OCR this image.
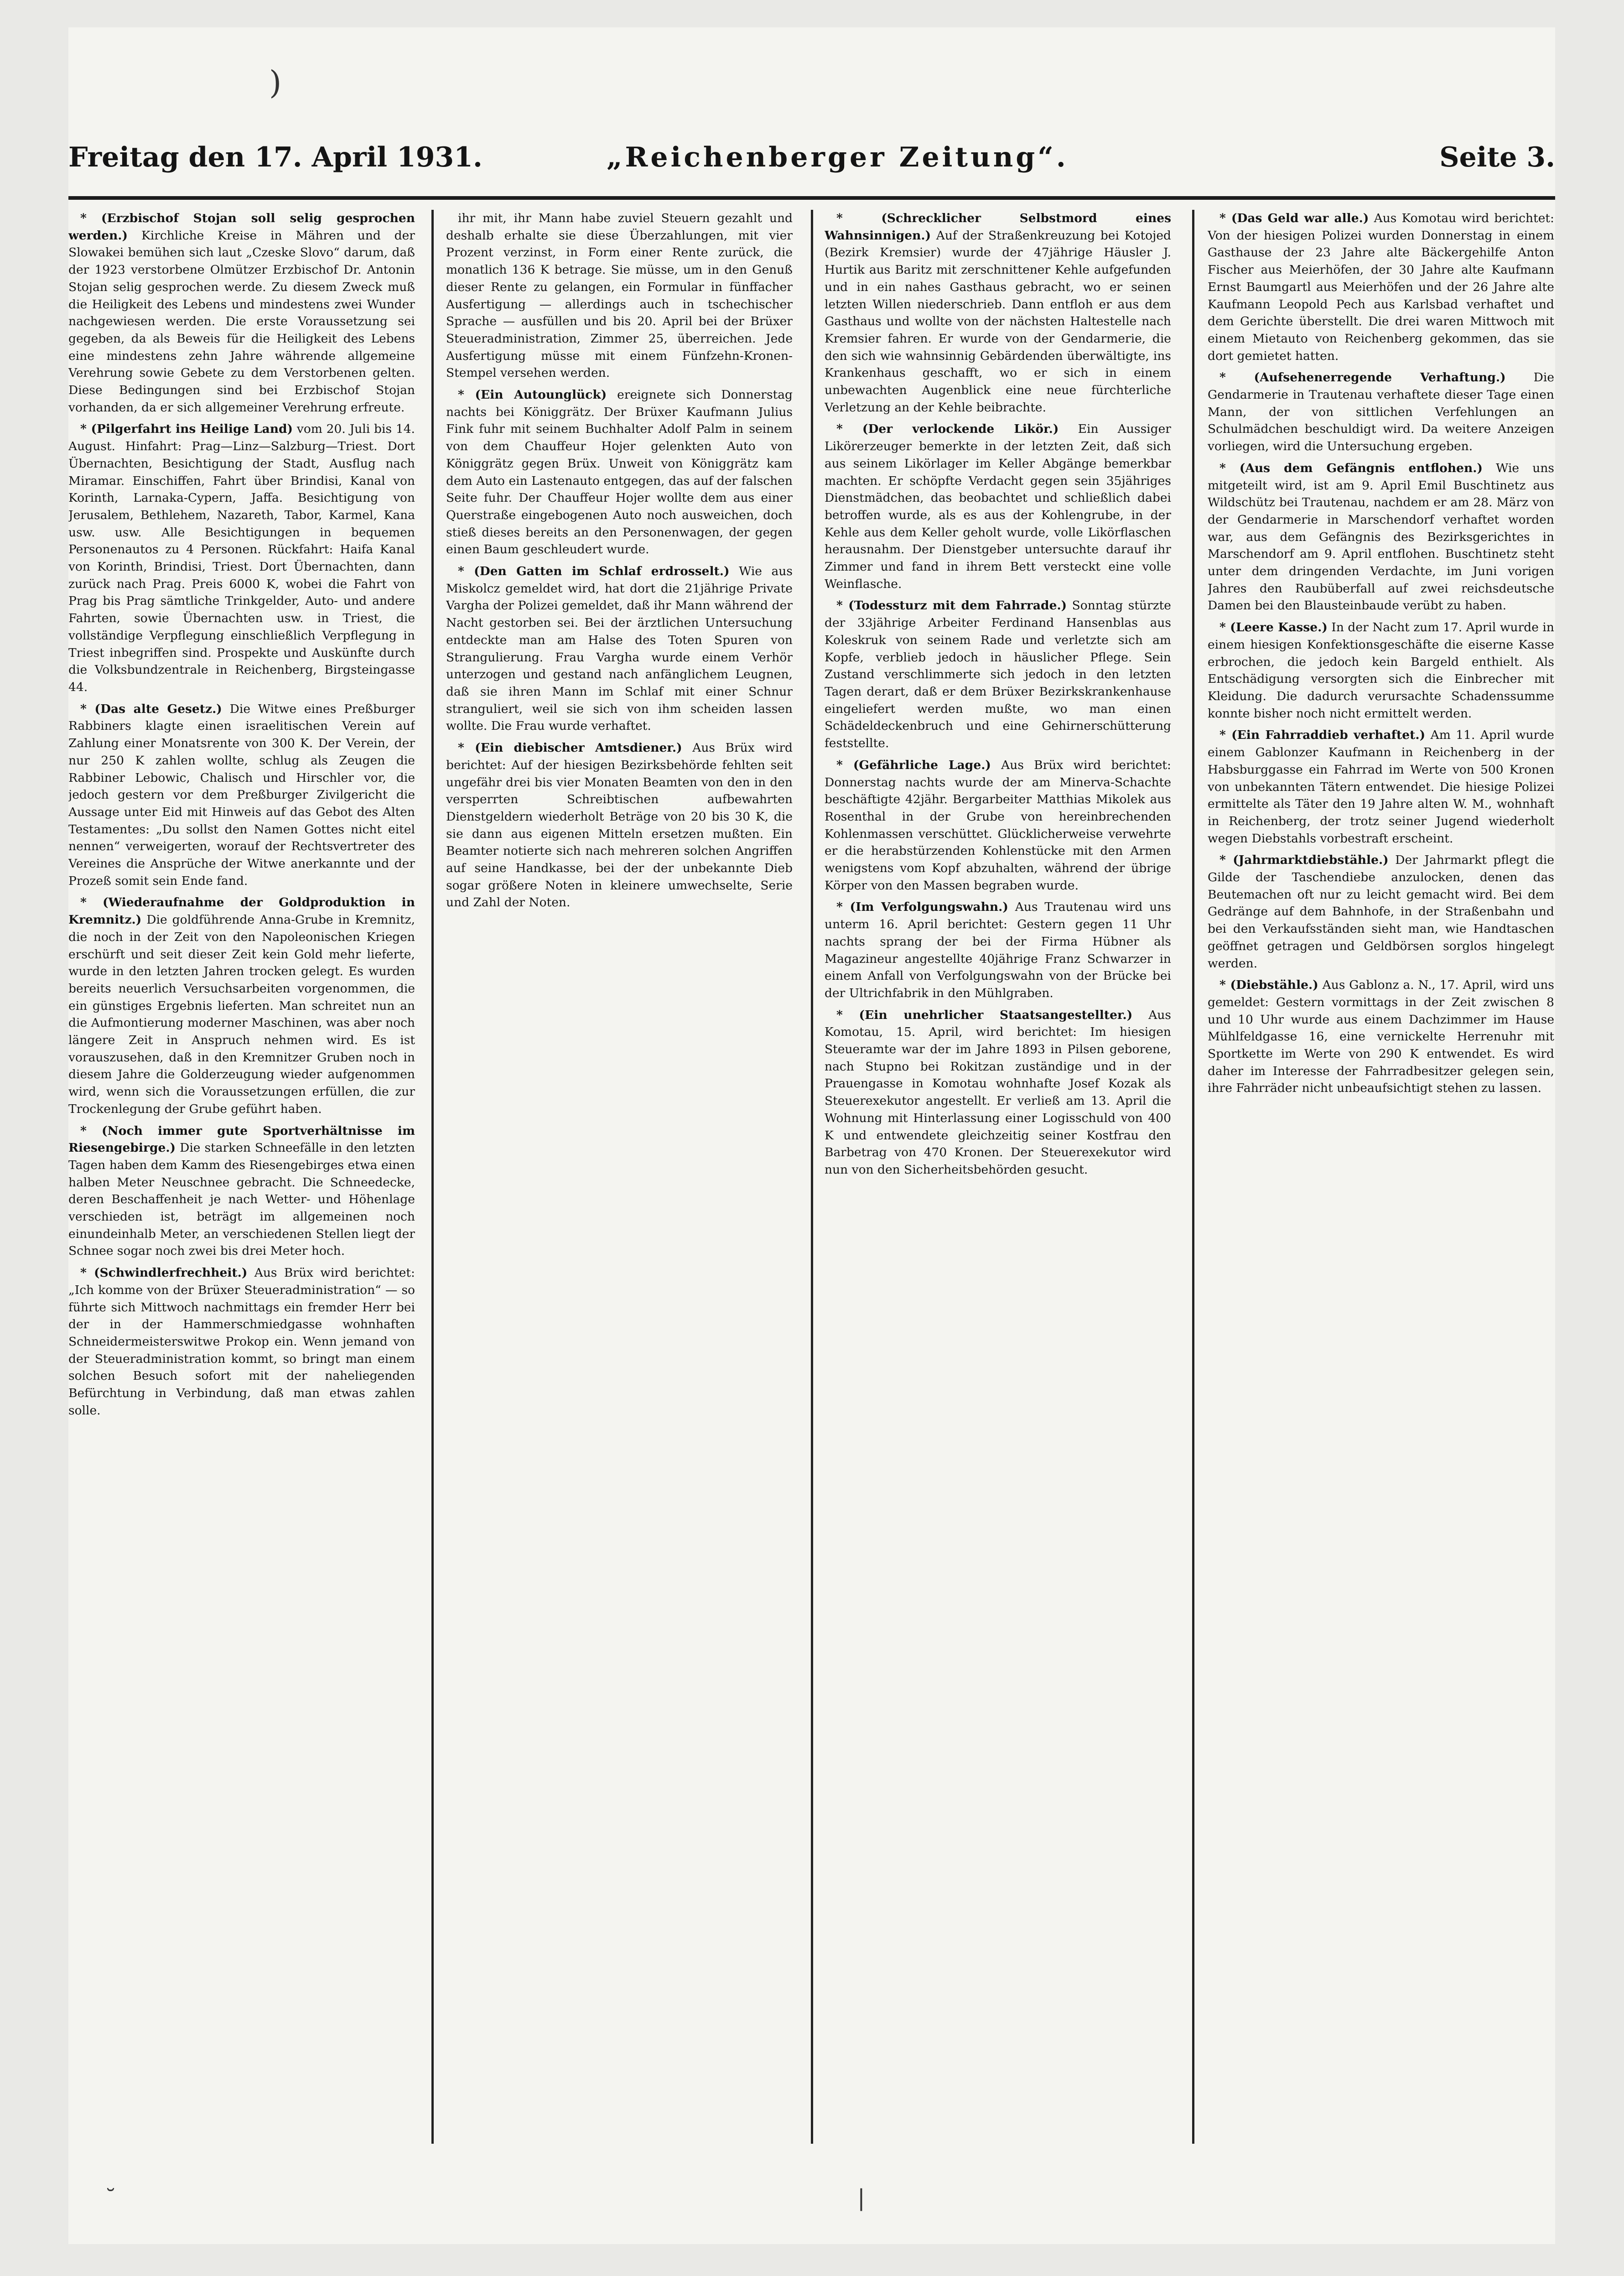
)
Freitag den 17. April 1931.	„Reichenberger Zeitung“.	Seite 3.

* (Erzbischof Stojan soll selig gesprochen werden.) Kirchliche Kreise in Mähren und der Slowakei bemühen sich laut „Czeske Slovo“ darum, daß der 1923 verstorbene Olmützer Erzbischof Dr. Antonin Stojan selig gesprochen werde. Zu diesem Zweck muß die Heiligkeit des Lebens und mindestens zwei Wunder nachgewiesen werden. Die erste Voraussetzung sei gegeben, da als Beweis für die Heiligkeit des Lebens eine mindestens zehn Jahre währende allgemeine Verehrung sowie Gebete zu dem Verstorbenen gelten. Diese Bedingungen sind bei Erzbischof Stojan vorhanden, da er sich allgemeiner Verehrung erfreute.

* (Pilgerfahrt ins Heilige Land) vom 20. Juli bis 14. August. Hinfahrt: Prag—Linz—Salzburg—Triest. Dort Übernachten, Besichtigung der Stadt, Ausflug nach Miramar. Einschiffen, Fahrt über Brindisi, Kanal von Korinth, Larnaka-Cypern, Jaffa. Besichtigung von Jerusalem, Bethlehem, Nazareth, Tabor, Karmel, Kana usw. usw. Alle Besichtigungen in bequemen Personenautos zu 4 Personen. Rückfahrt: Haifa Kanal von Korinth, Brindisi, Triest. Dort Übernachten, dann zurück nach Prag. Preis 6000 K, wobei die Fahrt von Prag bis Prag sämtliche Trinkgelder, Auto- und andere Fahrten, sowie Übernachten usw. in Triest, die vollständige Verpflegung einschließlich Verpflegung in Triest inbegriffen sind. Prospekte und Auskünfte durch die Volksbundzentrale in Reichenberg, Birgsteingasse 44.

* (Das alte Gesetz.) Die Witwe eines Preßburger Rabbiners klagte einen israelitischen Verein auf Zahlung einer Monatsrente von 300 K. Der Verein, der nur 250 K zahlen wollte, schlug als Zeugen die Rabbiner Lebowic, Chalisch und Hirschler vor, die jedoch gestern vor dem Preßburger Zivilgericht die Aussage unter Eid mit Hinweis auf das Gebot des Alten Testamentes: „Du sollst den Namen Gottes nicht eitel nennen“ verweigerten, worauf der Rechtsvertreter des Vereines die Ansprüche der Witwe anerkannte und der Prozeß somit sein Ende fand.

* (Wiederaufnahme der Goldproduktion in Kremnitz.) Die goldführende Anna-Grube in Kremnitz, die noch in der Zeit von den Napoleonischen Kriegen erschürft und seit dieser Zeit kein Gold mehr lieferte, wurde in den letzten Jahren trocken gelegt. Es wurden bereits neuerlich Versuchsarbeiten vorgenommen, die ein günstiges Ergebnis lieferten. Man schreitet nun an die Aufmontierung moderner Maschinen, was aber noch längere Zeit in Anspruch nehmen wird. Es ist vorauszusehen, daß in den Kremnitzer Gruben noch in diesem Jahre die Golderzeugung wieder aufgenommen wird, wenn sich die Voraussetzungen erfüllen, die zur Trockenlegung der Grube geführt haben.

* (Noch immer gute Sportverhältnisse im Riesengebirge.) Die starken Schneefälle in den letzten Tagen haben dem Kamm des Riesengebirges etwa einen halben Meter Neuschnee gebracht. Die Schneedecke, deren Beschaffenheit je nach Wetter- und Höhenlage verschieden ist, beträgt im allgemeinen noch einundeinhalb Meter, an verschiedenen Stellen liegt der Schnee sogar noch zwei bis drei Meter hoch.

* (Schwindlerfrechheit.) Aus Brüx wird berichtet: „Ich komme von der Brüxer Steueradministration“ — so führte sich Mittwoch nachmittags ein fremder Herr bei der in der Hammerschmiedgasse wohnhaften Schneidermeisterswitwe Prokop ein. Wenn jemand von der Steueradministration kommt, so bringt man einem solchen Besuch sofort mit der naheliegenden Befürchtung in Verbindung, daß man etwas zahlen solle.

ihr mit, ihr Mann habe zuviel Steuern gezahlt und deshalb erhalte sie diese Überzahlungen, mit vier Prozent verzinst, in Form einer Rente zurück, die monatlich 136 K betrage. Sie müsse, um in den Genuß dieser Rente zu gelangen, ein Formular in fünffacher Ausfertigung — allerdings auch in tschechischer Sprache — ausfüllen und bis 20. April bei der Brüxer Steueradministration, Zimmer 25, überreichen. Jede Ausfertigung müsse mit einem Fünfzehn-Kronen-Stempel versehen werden.

* (Ein Autounglück) ereignete sich Donnerstag nachts bei Königgrätz. Der Brüxer Kaufmann Julius Fink fuhr mit seinem Buchhalter Adolf Palm in seinem von dem Chauffeur Hojer gelenkten Auto von Königgrätz gegen Brüx. Unweit von Königgrätz kam dem Auto ein Lastenauto entgegen, das auf der falschen Seite fuhr. Der Chauffeur Hojer wollte dem aus einer Querstraße eingebogenen Auto noch ausweichen, doch stieß dieses bereits an den Personenwagen, der gegen einen Baum geschleudert wurde.

* (Den Gatten im Schlaf erdrosselt.) Wie aus Miskolcz gemeldet wird, hat dort die 21jährige Private Vargha der Polizei gemeldet, daß ihr Mann während der Nacht gestorben sei. Bei der ärztlichen Untersuchung entdeckte man am Halse des Toten Spuren von Strangulierung. Frau Vargha wurde einem Verhör unterzogen und gestand nach anfänglichem Leugnen, daß sie ihren Mann im Schlaf mit einer Schnur stranguliert, weil sie sich von ihm scheiden lassen wollte. Die Frau wurde verhaftet.

* (Ein diebischer Amtsdiener.) Aus Brüx wird berichtet: Auf der hiesigen Bezirksbehörde fehlten seit ungefähr drei bis vier Monaten Beamten von den in den versperrten Schreibtischen aufbewahrten Dienstgeldern wiederholt Beträge von 20 bis 30 K, die sie dann aus eigenen Mitteln ersetzen mußten. Ein Beamter notierte sich nach mehreren solchen Angriffen auf seine Handkasse, bei der der unbekannte Dieb sogar größere Noten in kleinere umwechselte, Serie und Zahl der Noten.

* (Schrecklicher Selbstmord eines Wahnsinnigen.) Auf der Straßenkreuzung bei Kotojed (Bezirk Kremsier) wurde der 47jährige Häusler J. Hurtik aus Baritz mit zerschnittener Kehle aufgefunden und in ein nahes Gasthaus gebracht, wo er seinen letzten Willen niederschrieb. Dann entfloh er aus dem Gasthaus und wollte von der nächsten Haltestelle nach Kremsier fahren. Er wurde von der Gendarmerie, die den sich wie wahnsinnig Gebärdenden überwältigte, ins Krankenhaus geschafft, wo er sich in einem unbewachten Augenblick eine neue fürchterliche Verletzung an der Kehle beibrachte.

* (Der verlockende Likör.) Ein Aussiger Likörerzeuger bemerkte in der letzten Zeit, daß sich aus seinem Likörlager im Keller Abgänge bemerkbar machten. Er schöpfte Verdacht gegen sein 35jähriges Dienstmädchen, das beobachtet und schließlich dabei betroffen wurde, als es aus der Kohlengrube, in der Kehle aus dem Keller geholt wurde, volle Likörflaschen herausnahm. Der Dienstgeber untersuchte darauf ihr Zimmer und fand in ihrem Bett versteckt eine volle Weinflasche.

* (Todessturz mit dem Fahrrade.) Sonntag stürzte der 33jährige Arbeiter Ferdinand Hansenblas aus Koleskruk von seinem Rade und verletzte sich am Kopfe, verblieb jedoch in häuslicher Pflege. Sein Zustand verschlimmerte sich jedoch in den letzten Tagen derart, daß er dem Brüxer Bezirkskrankenhause eingeliefert werden mußte, wo man einen Schädeldeckenbruch und eine Gehirnerschütterung feststellte.

* (Gefährliche Lage.) Aus Brüx wird berichtet: Donnerstag nachts wurde der am Minerva-Schachte beschäftigte 42jähr. Bergarbeiter Matthias Mikolek aus Rosenthal in der Grube von hereinbrechenden Kohlenmassen verschüttet. Glücklicherweise verwehrte er die herabstürzenden Kohlenstücke mit den Armen wenigstens vom Kopf abzuhalten, während der übrige Körper von den Massen begraben wurde.

* (Im Verfolgungswahn.) Aus Trautenau wird uns unterm 16. April berichtet: Gestern gegen 11 Uhr nachts sprang der bei der Firma Hübner als Magazineur angestellte 40jährige Franz Schwarzer in einem Anfall von Verfolgungswahn von der Brücke bei der Ultrichfabrik in den Mühlgraben.

* (Ein unehrlicher Staatsangestellter.) Aus Komotau, 15. April, wird berichtet: Im hiesigen Steueramte war der im Jahre 1893 in Pilsen geborene, nach Stupno bei Rokitzan zuständige und in der Prauengasse in Komotau wohnhafte Josef Kozak als Steuerexekutor angestellt. Er verließ am 13. April die Wohnung mit Hinterlassung einer Logisschuld von 400 K und entwendete gleichzeitig seiner Kostfrau den Barbetrag von 470 Kronen. Der Steuerexekutor wird nun von den Sicherheitsbehörden gesucht.

* (Das Geld war alle.) Aus Komotau wird berichtet: Von der hiesigen Polizei wurden Donnerstag in einem Gasthause der 23 Jahre alte Bäckergehilfe Anton Fischer aus Meierhöfen, der 30 Jahre alte Kaufmann Ernst Baumgartl aus Meierhöfen und der 26 Jahre alte Kaufmann Leopold Pech aus Karlsbad verhaftet und dem Gerichte überstellt. Die drei waren Mittwoch mit einem Mietauto von Reichenberg gekommen, das sie dort gemietet hatten.

* (Aufsehenerregende Verhaftung.) Die Gendarmerie in Trautenau verhaftete dieser Tage einen Mann, der von sittlichen Verfehlungen an Schulmädchen beschuldigt wird. Da weitere Anzeigen vorliegen, wird die Untersuchung ergeben.

* (Aus dem Gefängnis entflohen.) Wie uns mitgeteilt wird, ist am 9. April Emil Buschtinetz aus Wildschütz bei Trautenau, nachdem er am 28. März von der Gendarmerie in Marschendorf verhaftet worden war, aus dem Gefängnis des Bezirksgerichtes in Marschendorf am 9. April entflohen. Buschtinetz steht unter dem dringenden Verdachte, im Juni vorigen Jahres den Raubüberfall auf zwei reichsdeutsche Damen bei den Blausteinbaude verübt zu haben.

* (Leere Kasse.) In der Nacht zum 17. April wurde in einem hiesigen Konfektionsgeschäfte die eiserne Kasse erbrochen, die jedoch kein Bargeld enthielt. Als Entschädigung versorgten sich die Einbrecher mit Kleidung. Die dadurch verursachte Schadenssumme konnte bisher noch nicht ermittelt werden.

* (Ein Fahrraddieb verhaftet.) Am 11. April wurde einem Gablonzer Kaufmann in Reichenberg in der Habsburggasse ein Fahrrad im Werte von 500 Kronen von unbekannten Tätern entwendet. Die hiesige Polizei ermittelte als Täter den 19 Jahre alten W. M., wohnhaft in Reichenberg, der trotz seiner Jugend wiederholt wegen Diebstahls vorbestraft erscheint.

* (Jahrmarktdiebstähle.) Der Jahrmarkt pflegt die Gilde der Taschendiebe anzulocken, denen das Beutemachen oft nur zu leicht gemacht wird. Bei dem Gedränge auf dem Bahnhofe, in der Straßenbahn und bei den Verkaufsständen sieht man, wie Handtaschen geöffnet getragen und Geldbörsen sorglos hingelegt werden.

* (Diebstähle.) Aus Gablonz a. N., 17. April, wird uns gemeldet: Gestern vormittags in der Zeit zwischen 8 und 10 Uhr wurde aus einem Dachzimmer im Hause Mühlfeldgasse 16, eine vernickelte Herrenuhr mit Sportkette im Werte von 290 K entwendet. Es wird daher im Interesse der Fahrradbesitzer gelegen sein, ihre Fahrräder nicht unbeaufsichtigt stehen zu lassen.

˘	|
